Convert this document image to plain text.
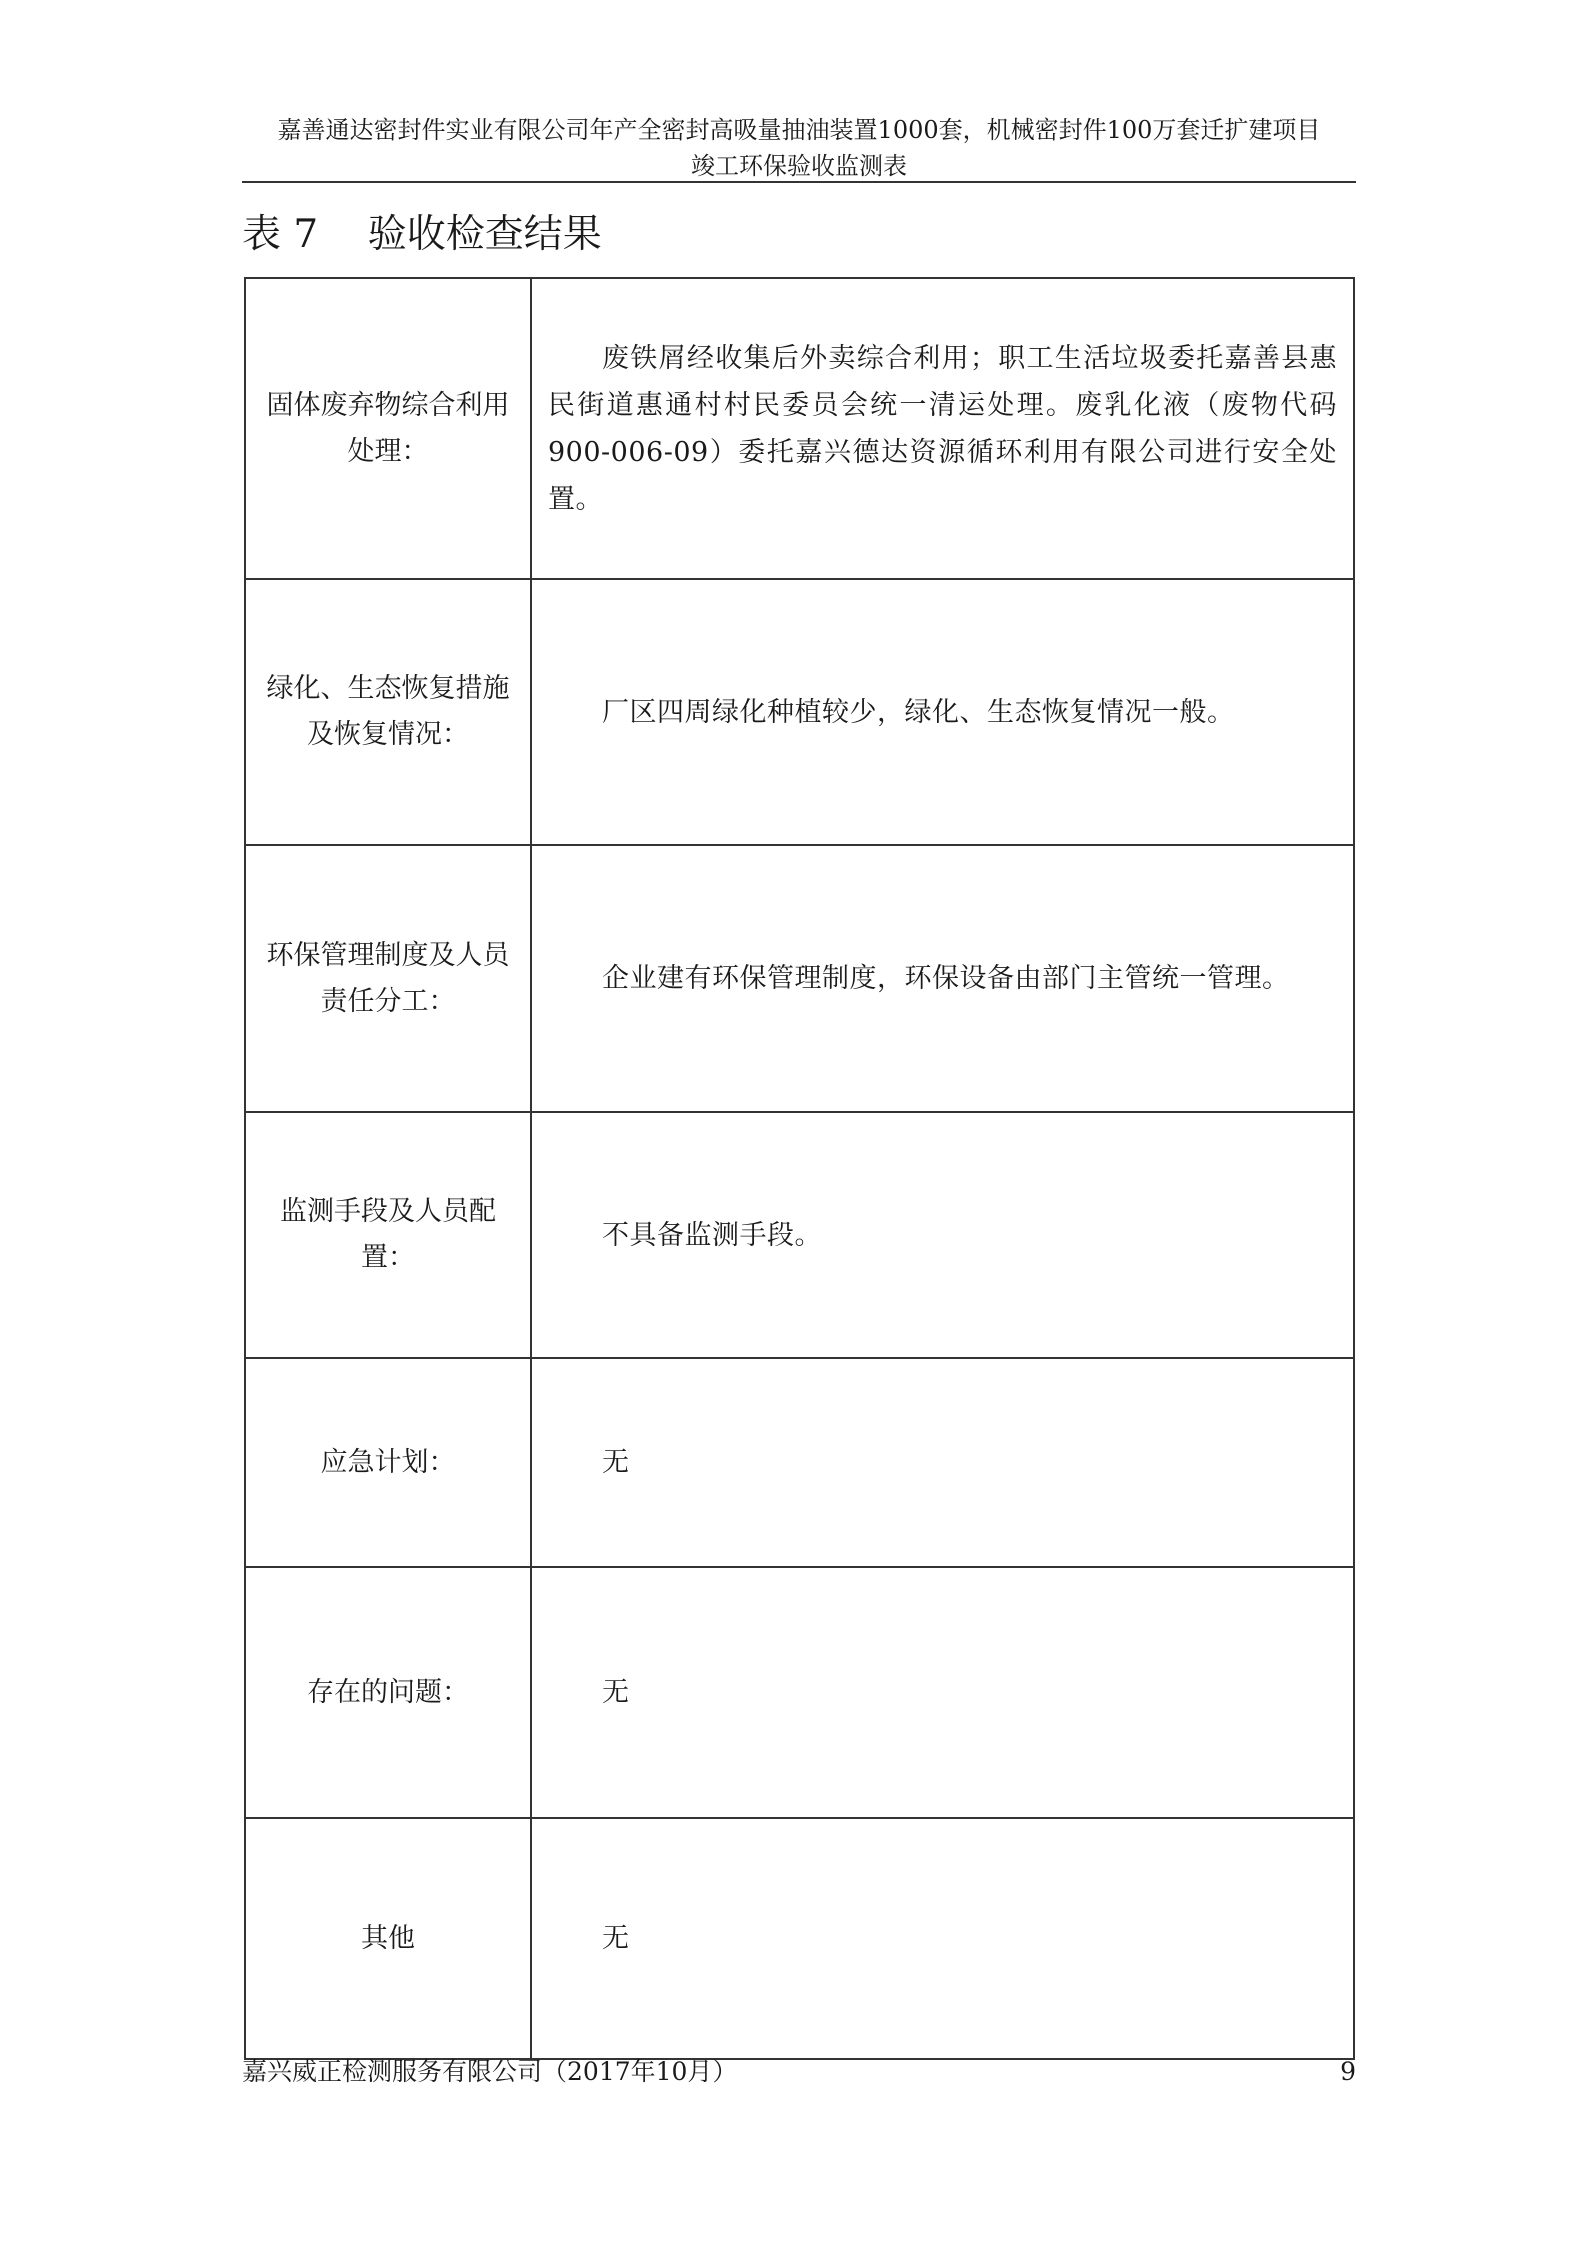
嘉善通达密封件实业有限公司年产全密封高吸量抽油装置1000套，机械密封件100万套迁扩建项目
竣工环保验收监测表
表 7    验收检查结果
固体废弃物综合利用处理：	废铁屑经收集后外卖综合利用；职工生活垃圾委托嘉善县惠民街道惠通村村民委员会统一清运处理。废乳化液（废物代码 900-006-09）委托嘉兴德达资源循环利用有限公司进行安全处置。

绿化、生态恢复措施及恢复情况：	厂区四周绿化种植较少，绿化、生态恢复情况一般。

环保管理制度及人员责任分工：	企业建有环保管理制度，环保设备由部门主管统一管理。

监测手段及人员配置：	不具备监测手段。

应急计划：	无

存在的问题：	无

其他	无
嘉兴威正检测服务有限公司（2017年10月）	9
